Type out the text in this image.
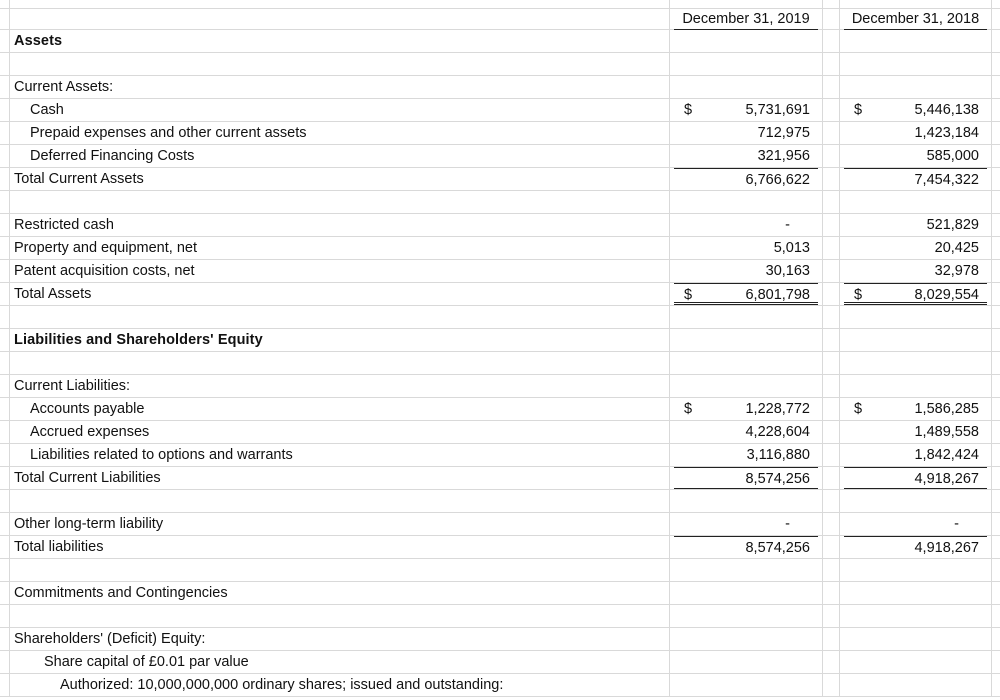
December 31, 2019	December 31, 2018
Assets
Current Assets:
Cash	$	5,731,691	$	5,446,138
Prepaid expenses and other current assets	712,975	1,423,184
Deferred Financing Costs	321,956	585,000
Total Current Assets	6,766,622	7,454,322
Restricted cash	-	521,829
Property and equipment, net	5,013	20,425
Patent acquisition costs, net	30,163	32,978
Total Assets	$	6,801,798	$	8,029,554
Liabilities and Shareholders' Equity
Current Liabilities:
Accounts payable	$	1,228,772	$	1,586,285
Accrued expenses	4,228,604	1,489,558
Liabilities related to options and warrants	3,116,880	1,842,424
Total Current Liabilities	8,574,256	4,918,267
Other long-term liability	-	-
Total liabilities	8,574,256	4,918,267
Commitments and Contingencies
Shareholders' (Deficit) Equity:
Share capital of £0.01 par value
Authorized: 10,000,000,000 ordinary shares; issued and outstanding:
